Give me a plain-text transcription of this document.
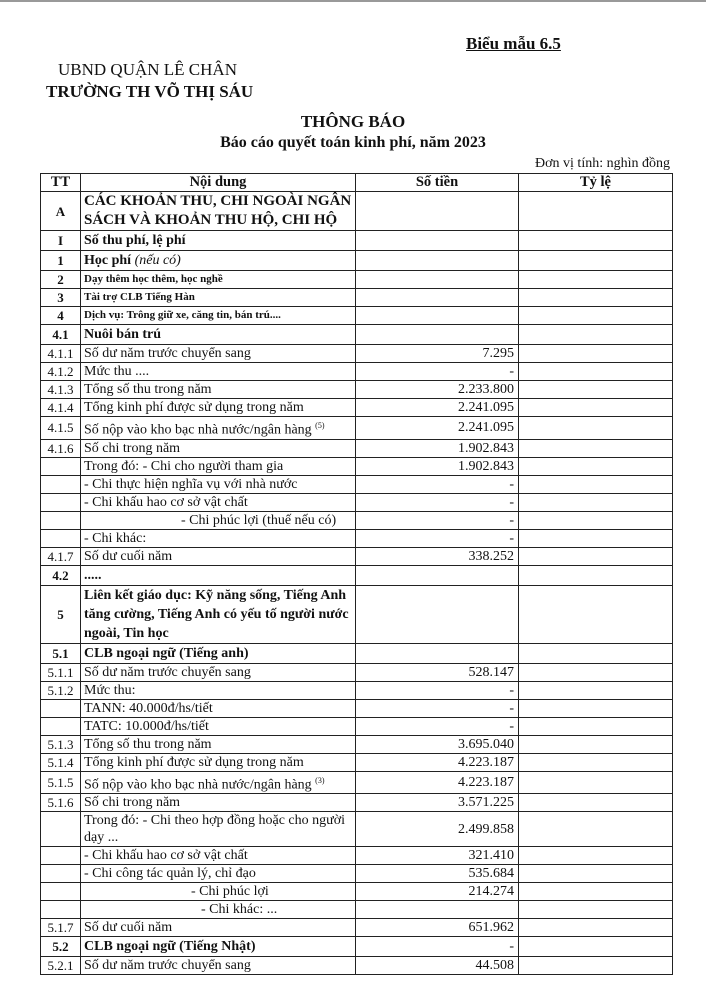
Biểu mẫu 6.5
UBND QUẬN LÊ CHÂN
TRƯỜNG TH VÕ THỊ SÁU
THÔNG BÁO
Báo cáo quyết toán kinh phí, năm 2023
Đơn vị tính: nghìn đồng
TT	Nội dung	Số tiền	Tỷ lệ
A	CÁC KHOẢN THU, CHI NGOÀI NGÂN SÁCH VÀ KHOẢN THU HỘ, CHI HỘ		
I	Số thu phí, lệ phí		
1	Học phí (nếu có)		
2	Dạy thêm học thêm, học nghề		
3	Tài trợ CLB Tiếng Hàn		
4	Dịch vụ: Trông giữ xe, căng tin, bán trú....		
4.1	Nuôi bán trú		
4.1.1	Số dư năm trước chuyển sang	7.295	
4.1.2	Mức thu ....	-	
4.1.3	Tổng số thu trong năm	2.233.800	
4.1.4	Tổng kinh phí được sử dụng trong năm	2.241.095	
4.1.5	Số nộp vào kho bạc nhà nước/ngân hàng $^{(5)}$	2.241.095	
4.1.6	Số chi trong năm	1.902.843	
	Trong đó: - Chi cho người tham gia	1.902.843	
	- Chi thực hiện nghĩa vụ với nhà nước	-	
	- Chi khấu hao cơ sở vật chất	-	
	- Chi phúc lợi (thuế nếu có)	-	
	- Chi khác:	-	
4.1.7	Số dư cuối năm	338.252	
4.2	.....		
5	Liên kết giáo dục: Kỹ năng sống, Tiếng Anh tăng cường, Tiếng Anh có yếu tố người nước ngoài, Tin học		
5.1	CLB ngoại ngữ (Tiếng anh)		
5.1.1	Số dư năm trước chuyển sang	528.147	
5.1.2	Mức thu:	-	
	TANN: 40.000đ/hs/tiết	-	
	TATC: 10.000đ/hs/tiết	-	
5.1.3	Tổng số thu trong năm	3.695.040	
5.1.4	Tổng kinh phí được sử dụng trong năm	4.223.187	
5.1.5	Số nộp vào kho bạc nhà nước/ngân hàng $^{(3)}$	4.223.187	
5.1.6	Số chi trong năm	3.571.225	
	Trong đó: - Chi theo hợp đồng hoặc cho người dạy ...	2.499.858	
	- Chi khấu hao cơ sở vật chất	321.410	
	- Chi công tác quản lý, chỉ đạo	535.684	
	- Chi phúc lợi	214.274	
	- Chi khác: ...		
5.1.7	Số dư cuối năm	651.962	
5.2	CLB ngoại ngữ (Tiếng Nhật)	-	
5.2.1	Số dư năm trước chuyển sang	44.508	
